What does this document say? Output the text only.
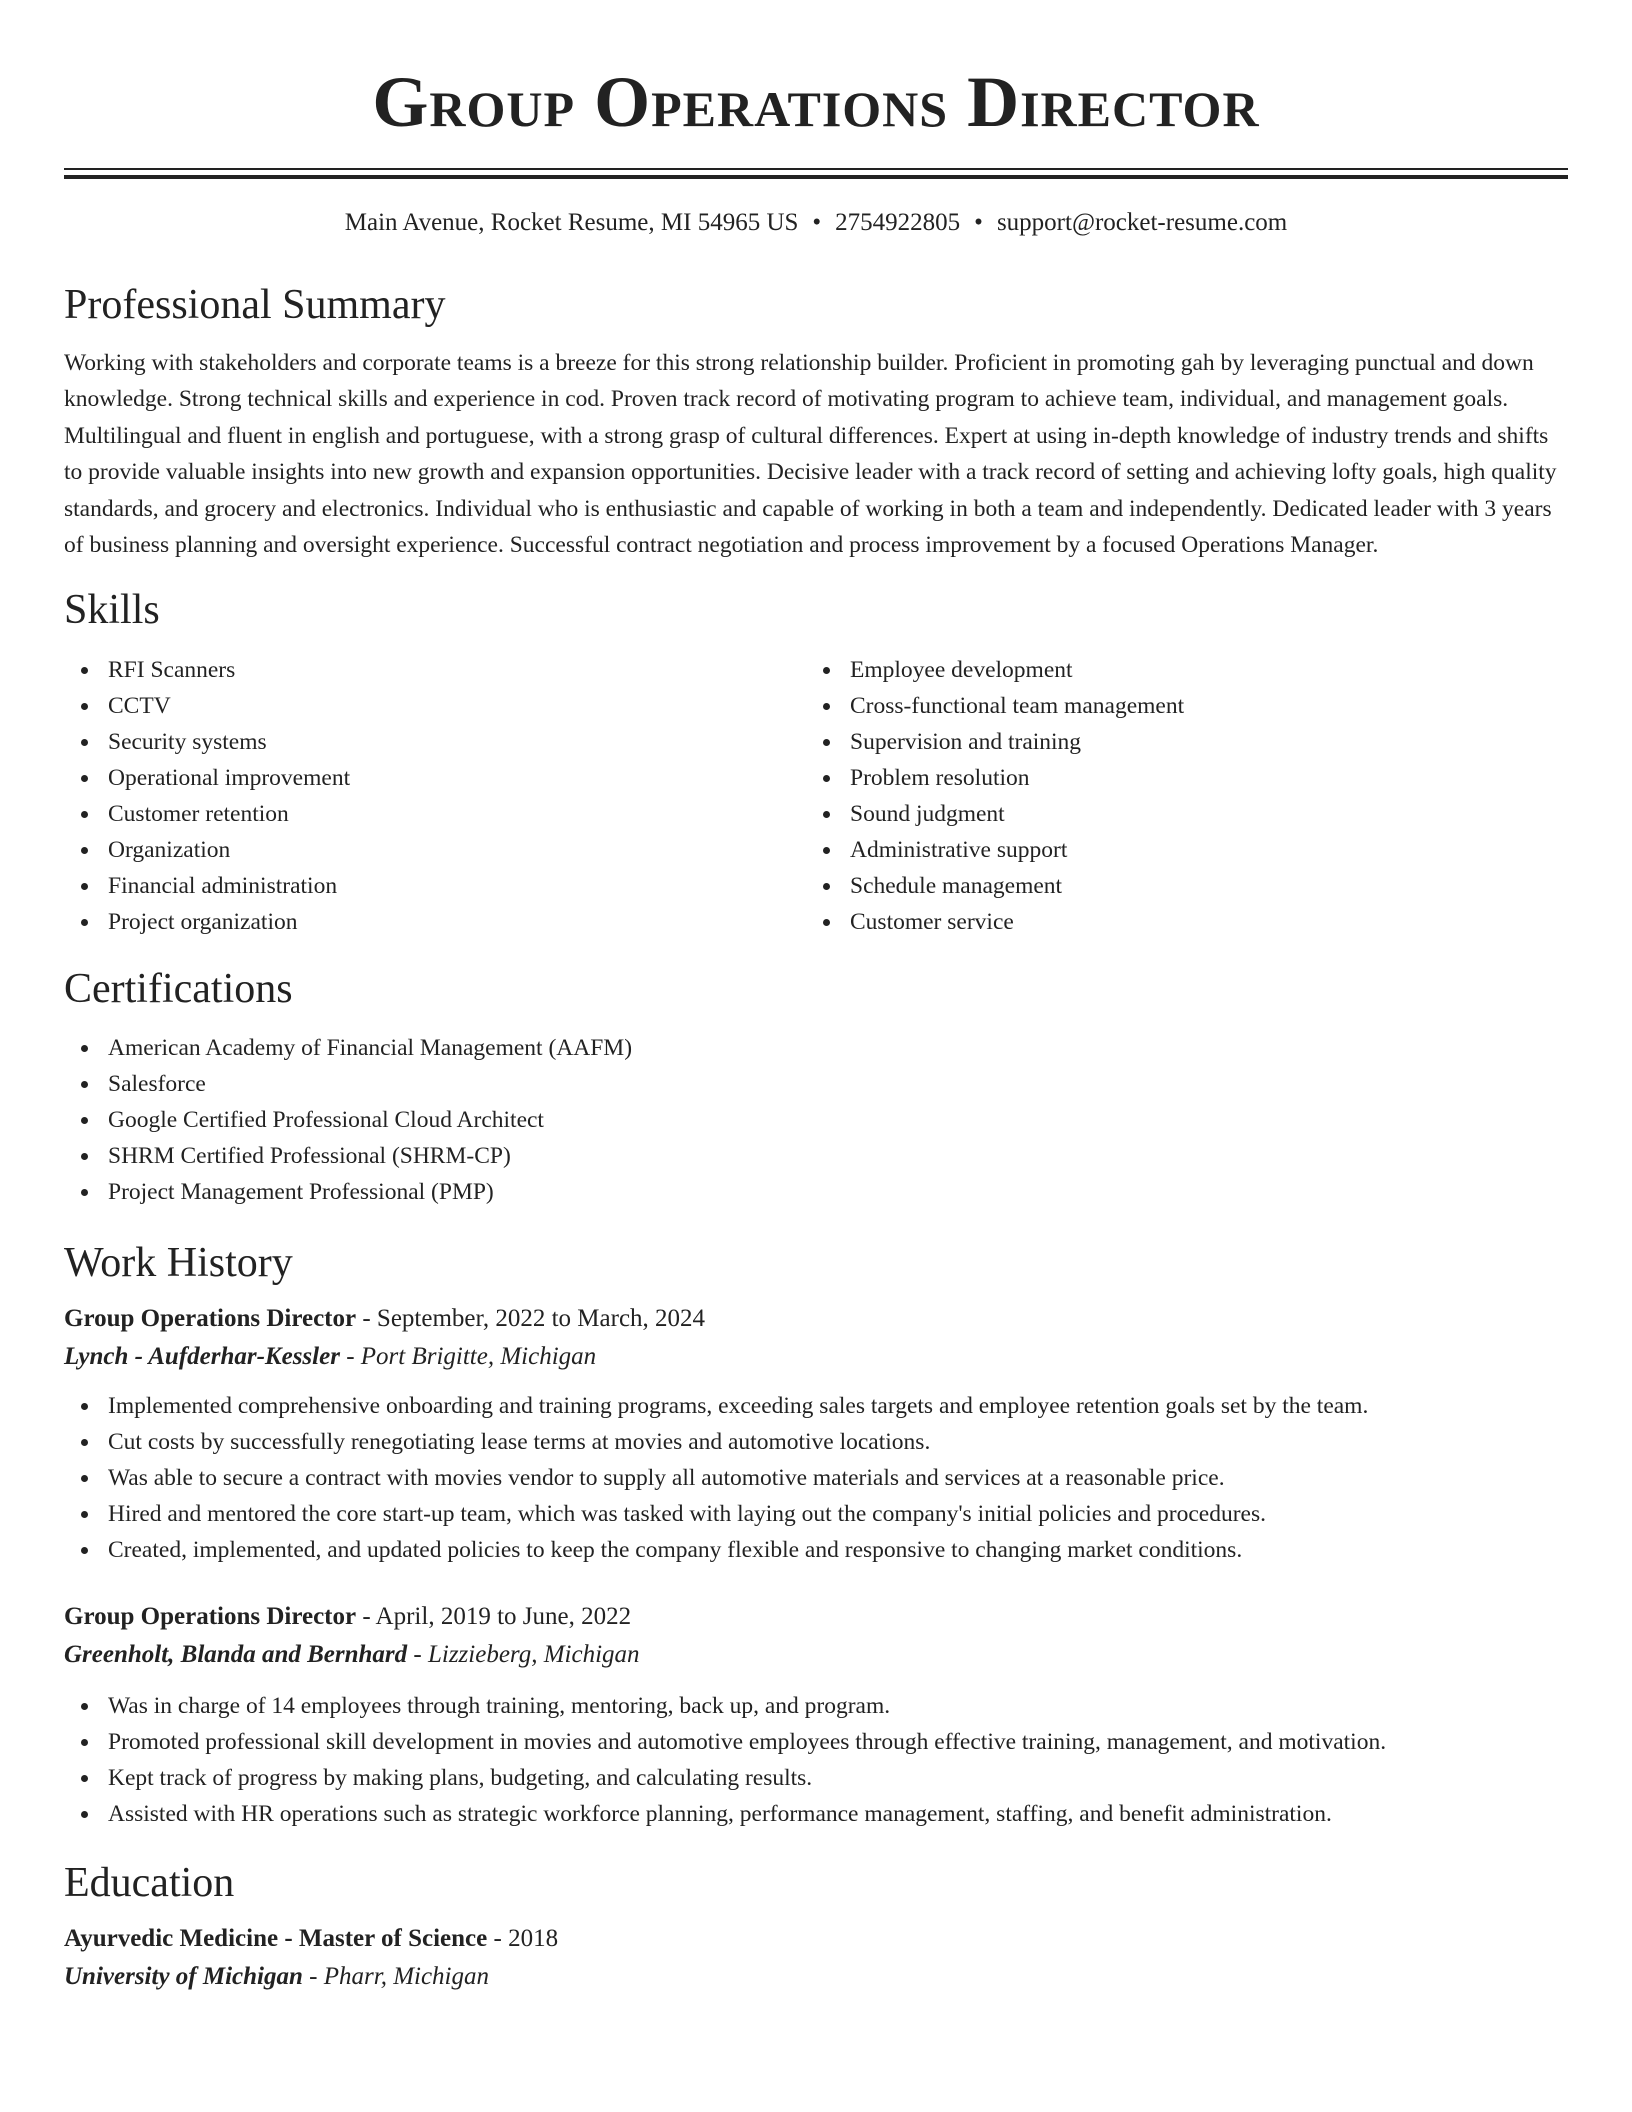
Group Operations Director
Main Avenue, Rocket Resume, MI 54965 US • 2754922805 • support@rocket-resume.com
Professional Summary

Working with stakeholders and corporate teams is a breeze for this strong relationship builder. Proficient in promoting gah by leveraging punctual and down knowledge. Strong technical skills and experience in cod. Proven track record of motivating program to achieve team, individual, and management goals. Multilingual and fluent in english and portuguese, with a strong grasp of cultural differences. Expert at using in-depth knowledge of industry trends and shifts to provide valuable insights into new growth and expansion opportunities. Decisive leader with a track record of setting and achieving lofty goals, high quality standards, and grocery and electronics. Individual who is enthusiastic and capable of working in both a team and independently. Dedicated leader with 3 years of business planning and oversight experience. Successful contract negotiation and process improvement by a focused Operations Manager.

Skills
RFI Scanners
CCTV
Security systems
Operational improvement
Customer retention
Organization
Financial administration
Project organization
Employee development
Cross-functional team management
Supervision and training
Problem resolution
Sound judgment
Administrative support
Schedule management
Customer service
Certifications
American Academy of Financial Management (AAFM)
Salesforce
Google Certified Professional Cloud Architect
SHRM Certified Professional (SHRM-CP)
Project Management Professional (PMP)
Work History
Group Operations Director - September, 2022 to March, 2024
Lynch - Aufderhar-Kessler - Port Brigitte, Michigan
Implemented comprehensive onboarding and training programs, exceeding sales targets and employee retention goals set by the team.
Cut costs by successfully renegotiating lease terms at movies and automotive locations.
Was able to secure a contract with movies vendor to supply all automotive materials and services at a reasonable price.
Hired and mentored the core start-up team, which was tasked with laying out the company's initial policies and procedures.
Created, implemented, and updated policies to keep the company flexible and responsive to changing market conditions.
Group Operations Director - April, 2019 to June, 2022
Greenholt, Blanda and Bernhard - Lizzieberg, Michigan
Was in charge of 14 employees through training, mentoring, back up, and program.
Promoted professional skill development in movies and automotive employees through effective training, management, and motivation.
Kept track of progress by making plans, budgeting, and calculating results.
Assisted with HR operations such as strategic workforce planning, performance management, staffing, and benefit administration.
Education
Ayurvedic Medicine - Master of Science - 2018
University of Michigan - Pharr, Michigan
